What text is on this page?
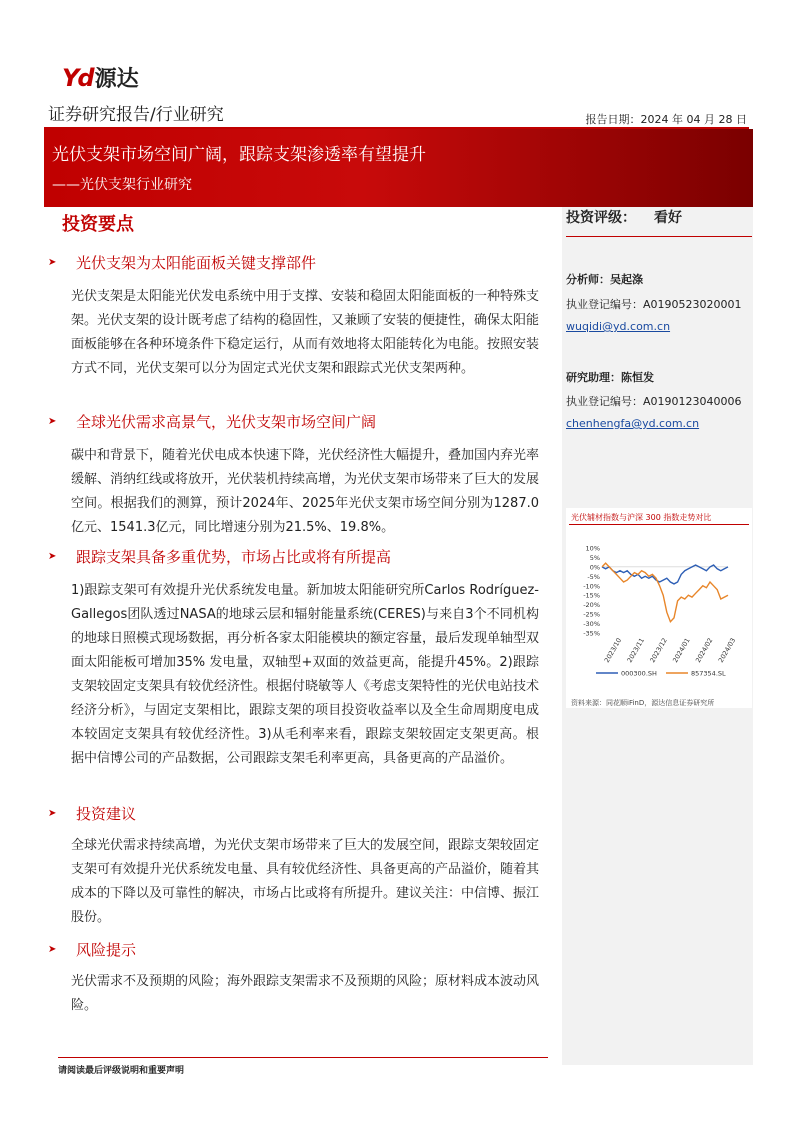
Yd 源达
证券研究报告/行业研究	报告日期：2024 年 04 月 28 日
光伏支架市场空间广阔，跟踪支架渗透率有望提升
——光伏支架行业研究
投资评级： 看好
分析师：吴起涤
执业登记编号：A0190523020001
wuqidi@yd.com.cn
研究助理：陈恒发
执业登记编号：A0190123040006
chenhengfa@yd.com.cn
光伏辅材指数与沪深 300 指数走势对比
10%
5%
0%
-5%
-10%
-15%
-20%
-25%
-30%
-35%
2023/10 2023/11 2023/12 2024/01 2024/02 2024/03
000300.SH	857354.SL
资料来源：同花顺iFinD，源达信息证券研究所
投资要点
➤	光伏支架为太阳能面板关键支撑部件

光伏支架是太阳能光伏发电系统中用于支撑、安装和稳固太阳能面板的一种特殊支架。光伏支架的设计既考虑了结构的稳固性，又兼顾了安装的便捷性，确保太阳能面板能够在各种环境条件下稳定运行，从而有效地将太阳能转化为电能。按照安装方式不同，光伏支架可以分为固定式光伏支架和跟踪式光伏支架两种。

➤	全球光伏需求高景气，光伏支架市场空间广阔

碳中和背景下，随着光伏电成本快速下降，光伏经济性大幅提升，叠加国内弃光率缓解、消纳红线或将放开，光伏装机持续高增，为光伏支架市场带来了巨大的发展空间。根据我们的测算，预计2024年、2025年光伏支架市场空间分别为1287.0亿元、1541.3亿元，同比增速分别为21.5%、19.8%。

➤	跟踪支架具备多重优势，市场占比或将有所提高

1)跟踪支架可有效提升光伏系统发电量。新加坡太阳能研究所Carlos Rodríguez-Gallegos团队透过NASA的地球云层和辐射能量系统(CERES)与来自3个不同机构的地球日照模式现场数据，再分析各家太阳能模块的额定容量，最后发现单轴型双面太阳能板可增加35% 发电量，双轴型+双面的效益更高，能提升45%。2)跟踪支架较固定支架具有较优经济性。根据付晓敏等人《考虑支架特性的光伏电站技术经济分析》，与固定支架相比，跟踪支架的项目投资收益率以及全生命周期度电成本较固定支架具有较优经济性。3)从毛利率来看，跟踪支架较固定支架更高。根据中信博公司的产品数据，公司跟踪支架毛利率更高，具备更高的产品溢价。

➤	投资建议

全球光伏需求持续高增，为光伏支架市场带来了巨大的发展空间，跟踪支架较固定支架可有效提升光伏系统发电量、具有较优经济性、具备更高的产品溢价，随着其成本的下降以及可靠性的解决，市场占比或将有所提升。建议关注：中信博、振江股份。

➤	风险提示

光伏需求不及预期的风险；海外跟踪支架需求不及预期的风险；原材料成本波动风险。

请阅读最后评级说明和重要声明
